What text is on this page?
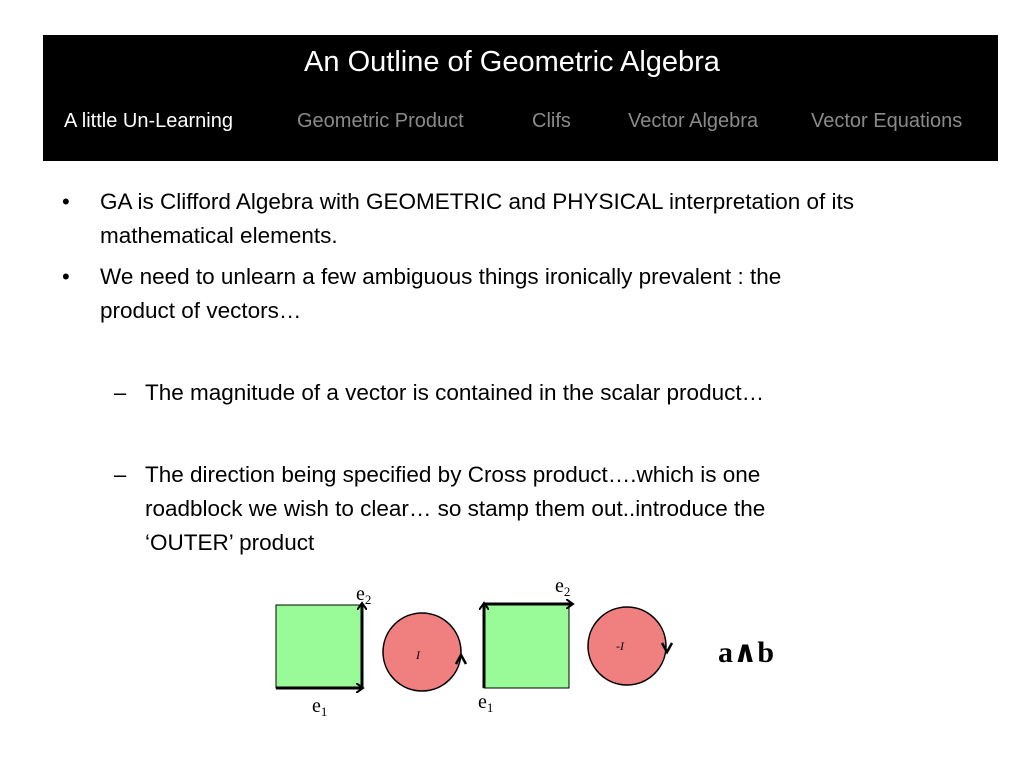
An Outline of Geometric Algebra
A little Un-Learning	Geometric Product	Clifs	Vector Algebra	Vector Equations
• GA is Clifford Algebra with GEOMETRIC and PHYSICAL interpretation of its
mathematical elements.
• We need to unlearn a few ambiguous things ironically prevalent : the
product of vectors…
– The magnitude of a vector is contained in the scalar product…
– The direction being specified by Cross product….which is one
roadblock we wish to clear… so stamp them out..introduce the
‘OUTER’ product
$e_1$
$e_2$
I
$e_1$
$e_2$
-I	a∧b
